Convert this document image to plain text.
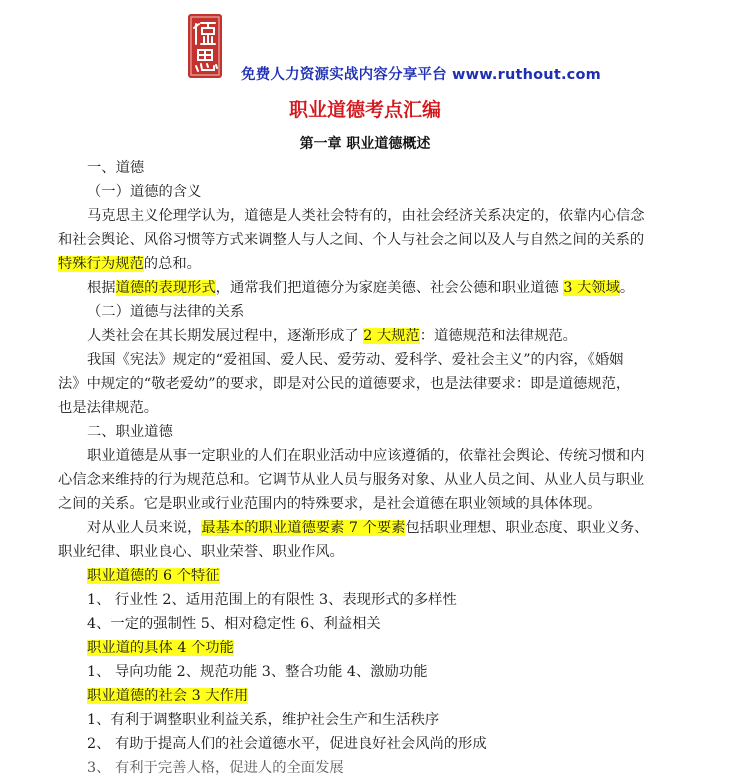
免费人力资源实战内容分享平台 www.ruthout.com
职业道德考点汇编
第一章 职业道德概述
一、道德
（一）道德的含义
马克思主义伦理学认为，道德是人类社会特有的，由社会经济关系决定的，依靠内心信念
和社会舆论、风俗习惯等方式来调整人与人之间、个人与社会之间以及人与自然之间的关系的
特殊行为规范的总和。
根据道德的表现形式，通常我们把道德分为家庭美德、社会公德和职业道德 3 大领域。
（二）道德与法律的关系
人类社会在其长期发展过程中，逐渐形成了 2 大规范：道德规范和法律规范。
我国《宪法》规定的“爱祖国、爱人民、爱劳动、爱科学、爱社会主义”的内容，《婚姻
法》中规定的“敬老爱幼”的要求，即是对公民的道德要求，也是法律要求：即是道德规范，
也是法律规范。
二、职业道德
职业道德是从事一定职业的人们在职业活动中应该遵循的，依靠社会舆论、传统习惯和内
心信念来维持的行为规范总和。它调节从业人员与服务对象、从业人员之间、从业人员与职业
之间的关系。它是职业或行业范围内的特殊要求，是社会道德在职业领域的具体体现。
对从业人员来说，最基本的职业道德要素 7 个要素包括职业理想、职业态度、职业义务、
职业纪律、职业良心、职业荣誉、职业作风。
职业道德的 6 个特征
1、 行业性 2、适用范围上的有限性 3、表现形式的多样性
4、一定的强制性 5、相对稳定性 6、利益相关
职业道的具体 4 个功能
1、 导向功能 2、规范功能 3、整合功能 4、激励功能
职业道德的社会 3 大作用
1、有利于调整职业利益关系，维护社会生产和生活秩序
2、 有助于提高人们的社会道德水平，促进良好社会风尚的形成
3、 有利于完善人格，促进人的全面发展
